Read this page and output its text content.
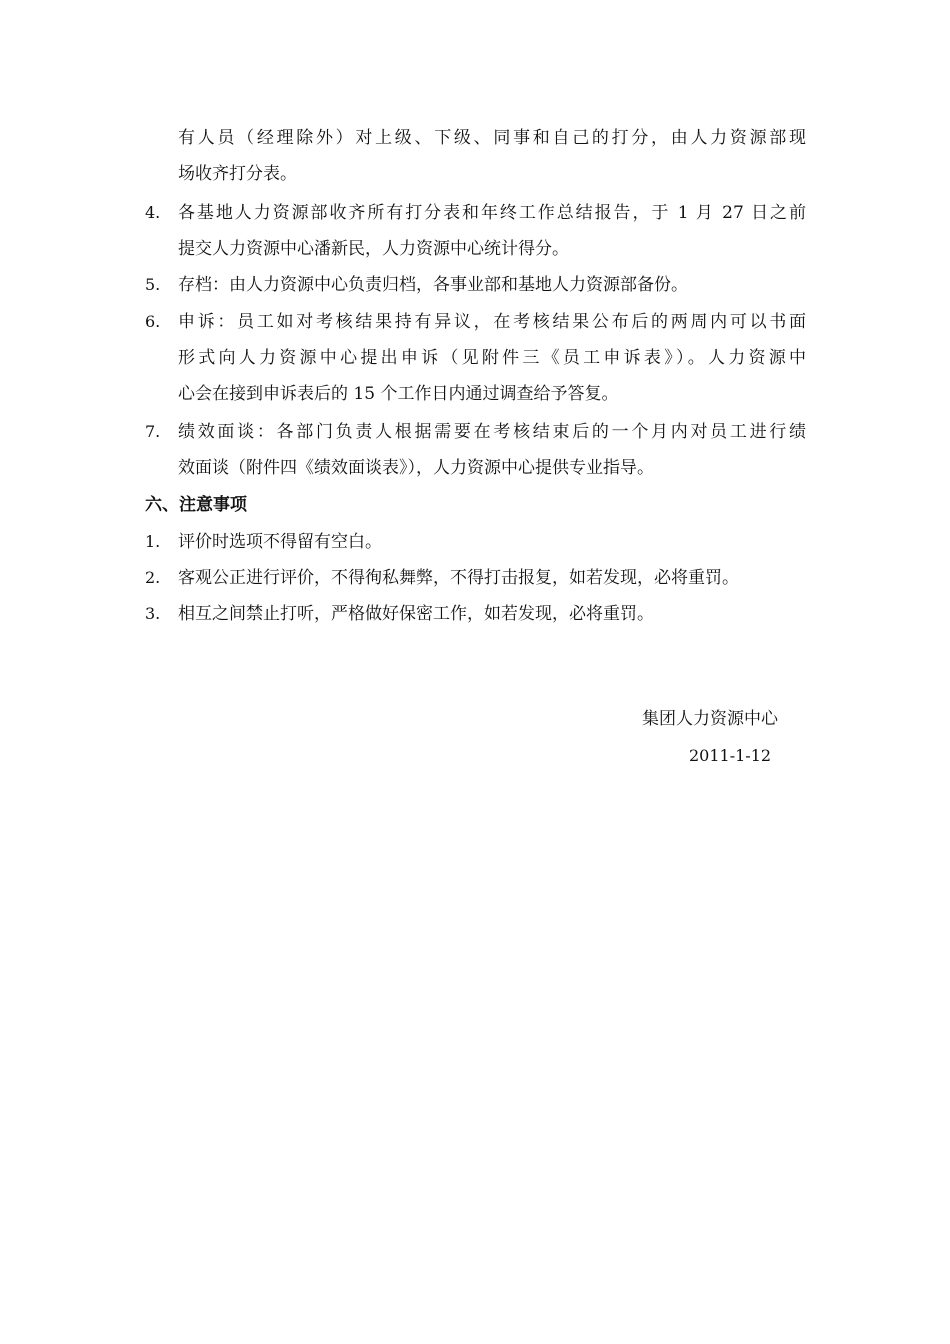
有人员（经理除外）对上级、下级、同事和自己的打分，由人力资源部现
场收齐打分表。
4. 各基地人力资源部收齐所有打分表和年终工作总结报告，于 1 月 27 日之前
提交人力资源中心潘新民，人力资源中心统计得分。
5. 存档：由人力资源中心负责归档，各事业部和基地人力资源部备份。
6. 申诉：员工如对考核结果持有异议，在考核结果公布后的两周内可以书面
形式向人力资源中心提出申诉（见附件三《员工申诉表》）。人力资源中
心会在接到申诉表后的 15 个工作日内通过调查给予答复。
7. 绩效面谈：各部门负责人根据需要在考核结束后的一个月内对员工进行绩
效面谈（附件四《绩效面谈表》），人力资源中心提供专业指导。
六、注意事项
1. 评价时选项不得留有空白。
2. 客观公正进行评价，不得徇私舞弊，不得打击报复，如若发现，必将重罚。
3. 相互之间禁止打听，严格做好保密工作，如若发现，必将重罚。
集团人力资源中心
2011-1-12
